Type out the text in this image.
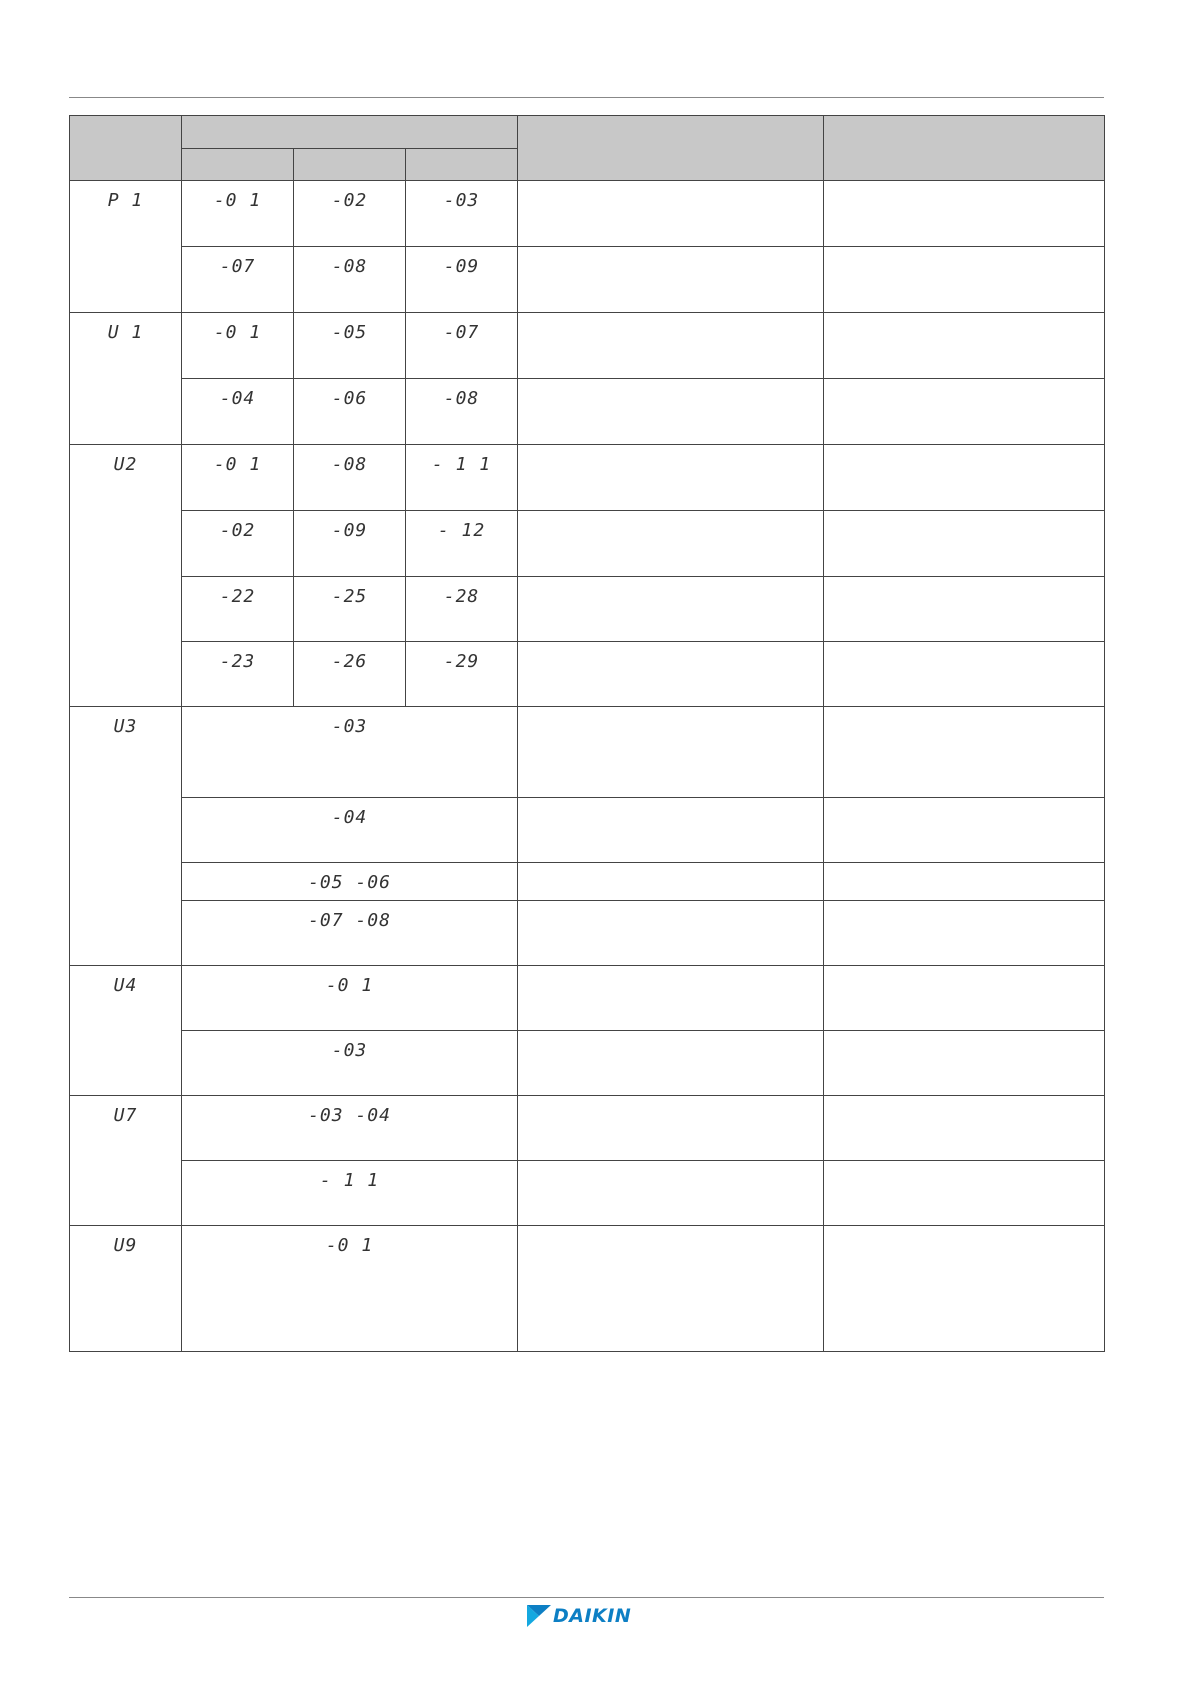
P 1	-0 1	-02	-03		

	-07	-08	-09		

U 1	-0 1	-05	-07		

	-04	-06	-08		

U2	-0 1	-08	- 1 1		

	-02	-09	- 12		

	-22	-25	-28		

	-23	-26	-29		

U3	-03				

	-04				

	-05 -06				

	-07 -08				

U4	-0 1				

	-03				

U7	-03 -04				

	- 1 1				

U9	-0 1				

DAIKIN
